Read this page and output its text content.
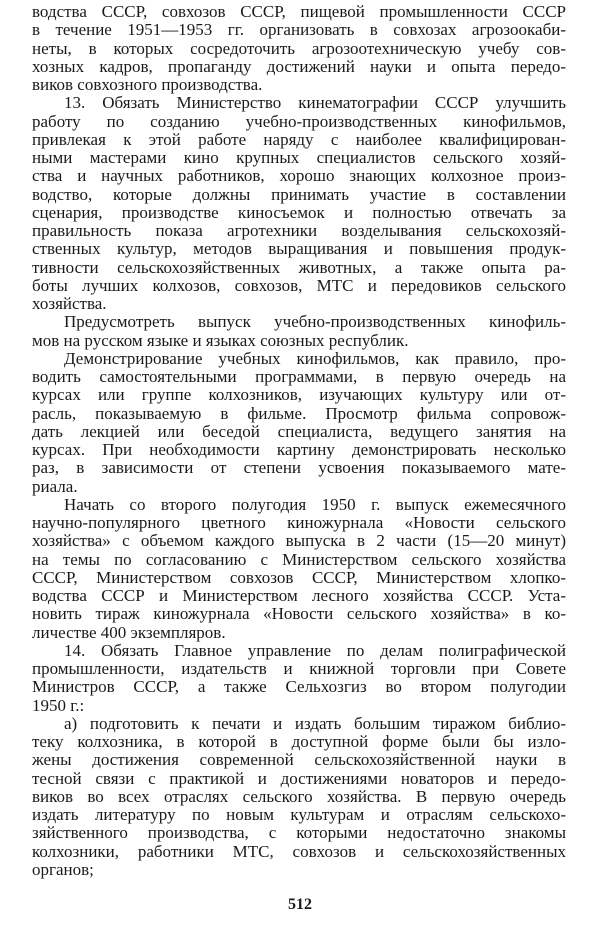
водства СССР, совхозов СССР, пищевой промышленности СССР
в течение 1951—1953 гг. организовать в совхозах агрозоокаби-
неты, в которых сосредоточить агрозоотехническую учебу сов-
хозных кадров, пропаганду достижений науки и опыта передо-
виков совхозного производства.
13. Обязать Министерство кинематографии СССР улучшить
работу по созданию учебно-производственных кинофильмов,
привлекая к этой работе наряду с наиболее квалифицирован-
ными мастерами кино крупных специалистов сельского хозяй-
ства и научных работников, хорошо знающих колхозное произ-
водство, которые должны принимать участие в составлении
сценария, производстве киносъемок и полностью отвечать за
правильность показа агротехники возделывания сельскохозяй-
ственных культур, методов выращивания и повышения продук-
тивности сельскохозяйственных животных, а также опыта ра-
боты лучших колхозов, совхозов, МТС и передовиков сельского
хозяйства.
Предусмотреть выпуск учебно-производственных кинофиль-
мов на русском языке и языках союзных республик.
Демонстрирование учебных кинофильмов, как правило, про-
водить самостоятельными программами, в первую очередь на
курсах или группе колхозников, изучающих культуру или от-
расль, показываемую в фильме. Просмотр фильма сопровож-
дать лекцией или беседой специалиста, ведущего занятия на
курсах. При необходимости картину демонстрировать несколько
раз, в зависимости от степени усвоения показываемого мате-
риала.
Начать со второго полугодия 1950 г. выпуск ежемесячного
научно-популярного цветного киножурнала «Новости сельского
хозяйства» с объемом каждого выпуска в 2 части (15—20 минут)
на темы по согласованию с Министерством сельского хозяйства
СССР, Министерством совхозов СССР, Министерством хлопко-
водства СССР и Министерством лесного хозяйства СССР. Уста-
новить тираж киножурнала «Новости сельского хозяйства» в ко-
личестве 400 экземпляров.
14. Обязать Главное управление по делам полиграфической
промышленности, издательств и книжной торговли при Совете
Министров СССР, а также Сельхозгиз во втором полугодии
1950 г.:
а) подготовить к печати и издать большим тиражом библио-
теку колхозника, в которой в доступной форме были бы изло-
жены достижения современной сельскохозяйственной науки в
тесной связи с практикой и достижениями новаторов и передо-
виков во всех отраслях сельского хозяйства. В первую очередь
издать литературу по новым культурам и отраслям сельскохо-
зяйственного производства, с которыми недостаточно знакомы
колхозники, работники МТС, совхозов и сельскохозяйственных
органов;
512
